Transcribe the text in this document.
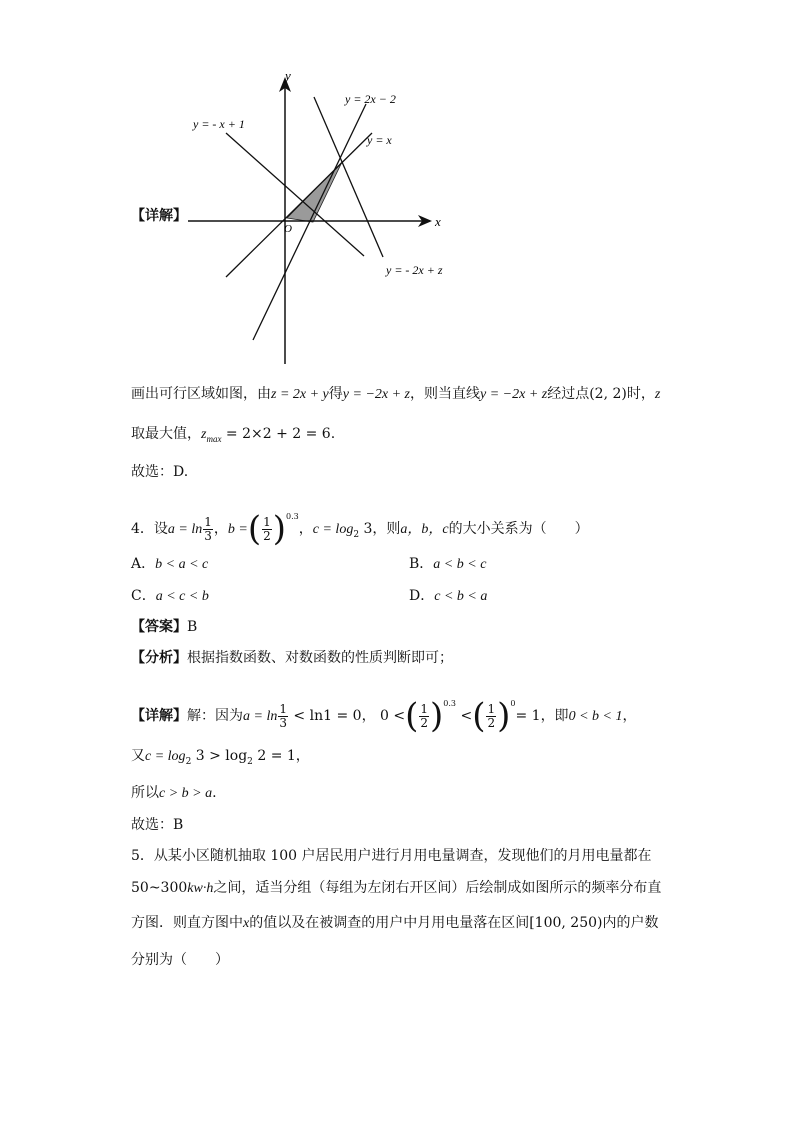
y
x
O
y = 2x − 2
y = - x + 1
y = x
y = - 2x + z
【详解】
画出可行区域如图，由z = 2x + y得y = −2x + z，则当直线y = −2x + z经过点(2, 2)时，z
取最大值，$z_{max} = 2\times 2 + 2 = 6$.
故选：D.
4．设$a = \ln \frac{1}{3}$ ，b =( $\frac{1}{2} )^{0.3}$，$c = \log_2 3$，则a，b，c的大小关系为（　　）
A．b < a < c	B．a < b < c
C．a < c < b	D．c < b < a
【答案】B
【分析】根据指数函数、对数函数的性质判断即可；
【详解】解：因为$a = \ln \frac{1}{3} < \ln 1 = 0$， 0 <( $\frac{1}{2} )^{0.3}$ <( $\frac{1}{2} )^0= 1$，即0 < b < 1，
又$c = \log_2 3 > \log_2 2 = 1$，
所以c > b > a.
故选：B
5．从某小区随机抽取 100 户居民用户进行月用电量调查，发现他们的月用电量都在
50~300kw·h之间，适当分组（每组为左闭右开区间）后绘制成如图所示的频率分布直
方图．则直方图中x的值以及在被调查的用户中月用电量落在区间[100, 250)内的户数
分别为（　　）
